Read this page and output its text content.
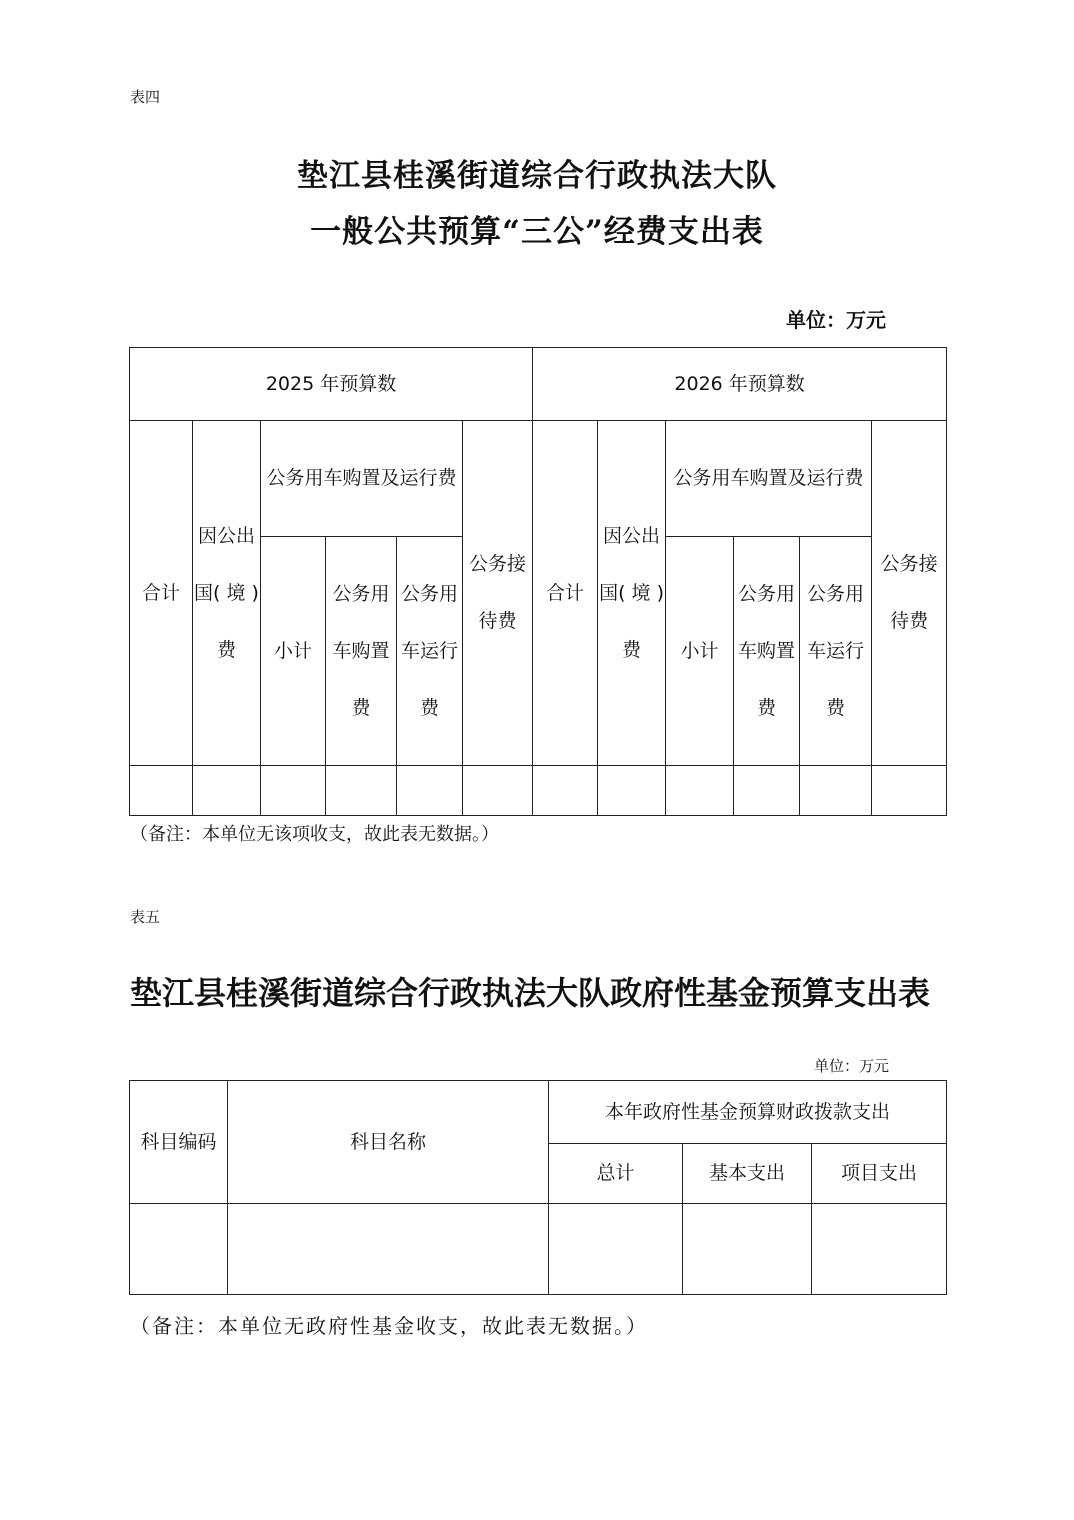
表四
垫江县桂溪街道综合行政执法大队
一般公共预算“三公”经费支出表
单位：万元
2025 年预算数						2026 年预算数					
合计	因公出国( 境 )费	公务用车购置及运行费			公务接待费	合计	因公出国( 境 )费	公务用车购置及运行费			公务接待费
		小计	公务用车购置费	公务用车运行费				小计	公务用车购置费	公务用车运行费	

（备注：本单位无该项收支，故此表无数据。）
表五
垫江县桂溪街道综合行政执法大队政府性基金预算支出表
单位：万元
科目编码	科目名称	本年政府性基金预算财政拨款支出		
		总计	基本支出	项目支出

（备注：本单位无政府性基金收支，故此表无数据。）
